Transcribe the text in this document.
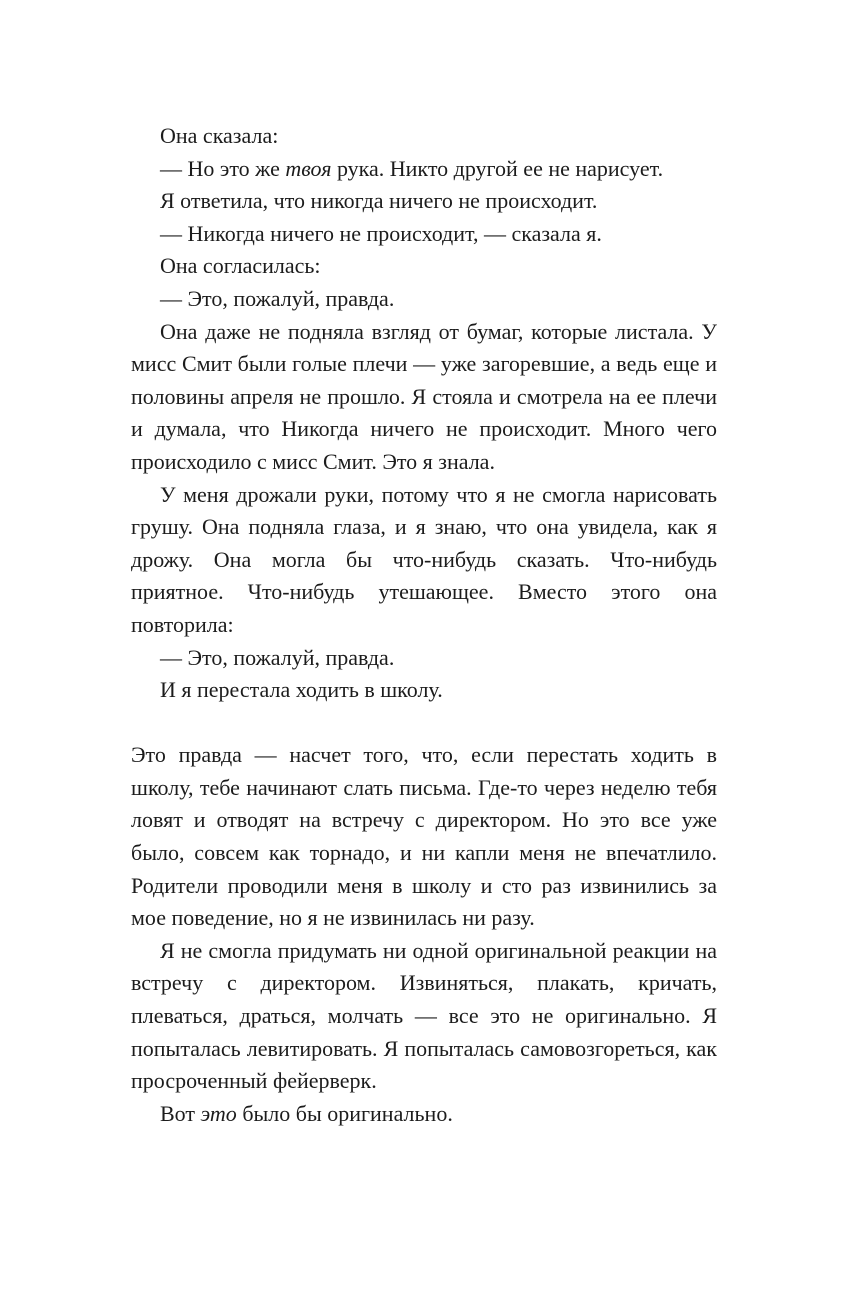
Она сказала:

— Но это же твоя рука. Никто другой ее не нарисует.

Я ответила, что никогда ничего не происходит.

— Никогда ничего не происходит, — сказала я.

Она согласилась:

— Это, пожалуй, правда.

Она даже не подняла взгляд от бумаг, которые листала. У мисс Смит были голые плечи — уже загоревшие, а ведь еще и половины апреля не прошло. Я стояла и смотрела на ее плечи и думала, что Никогда ничего не происходит. Много чего происходило с мисс Смит. Это я знала.

У меня дрожали руки, потому что я не смогла нарисовать грушу. Она подняла глаза, и я знаю, что она увидела, как я дрожу. Она могла бы что-нибудь сказать. Что-нибудь приятное. Что-нибудь утешающее. Вместо этого она повторила:

— Это, пожалуй, правда.

И я перестала ходить в школу.

Это правда — насчет того, что, если перестать ходить в школу, тебе начинают слать письма. Где-то через неделю тебя ловят и отводят на встречу с директором. Но это все уже было, совсем как торнадо, и ни капли меня не впечатлило. Родители проводили меня в школу и сто раз извинились за мое поведение, но я не извинилась ни разу.

Я не смогла придумать ни одной оригинальной реакции на встречу с директором. Извиняться, плакать, кричать, плеваться, драться, молчать — все это не оригинально. Я попыталась левитировать. Я попыталась самовозгореться, как просроченный фейерверк.

Вот это было бы оригинально.
